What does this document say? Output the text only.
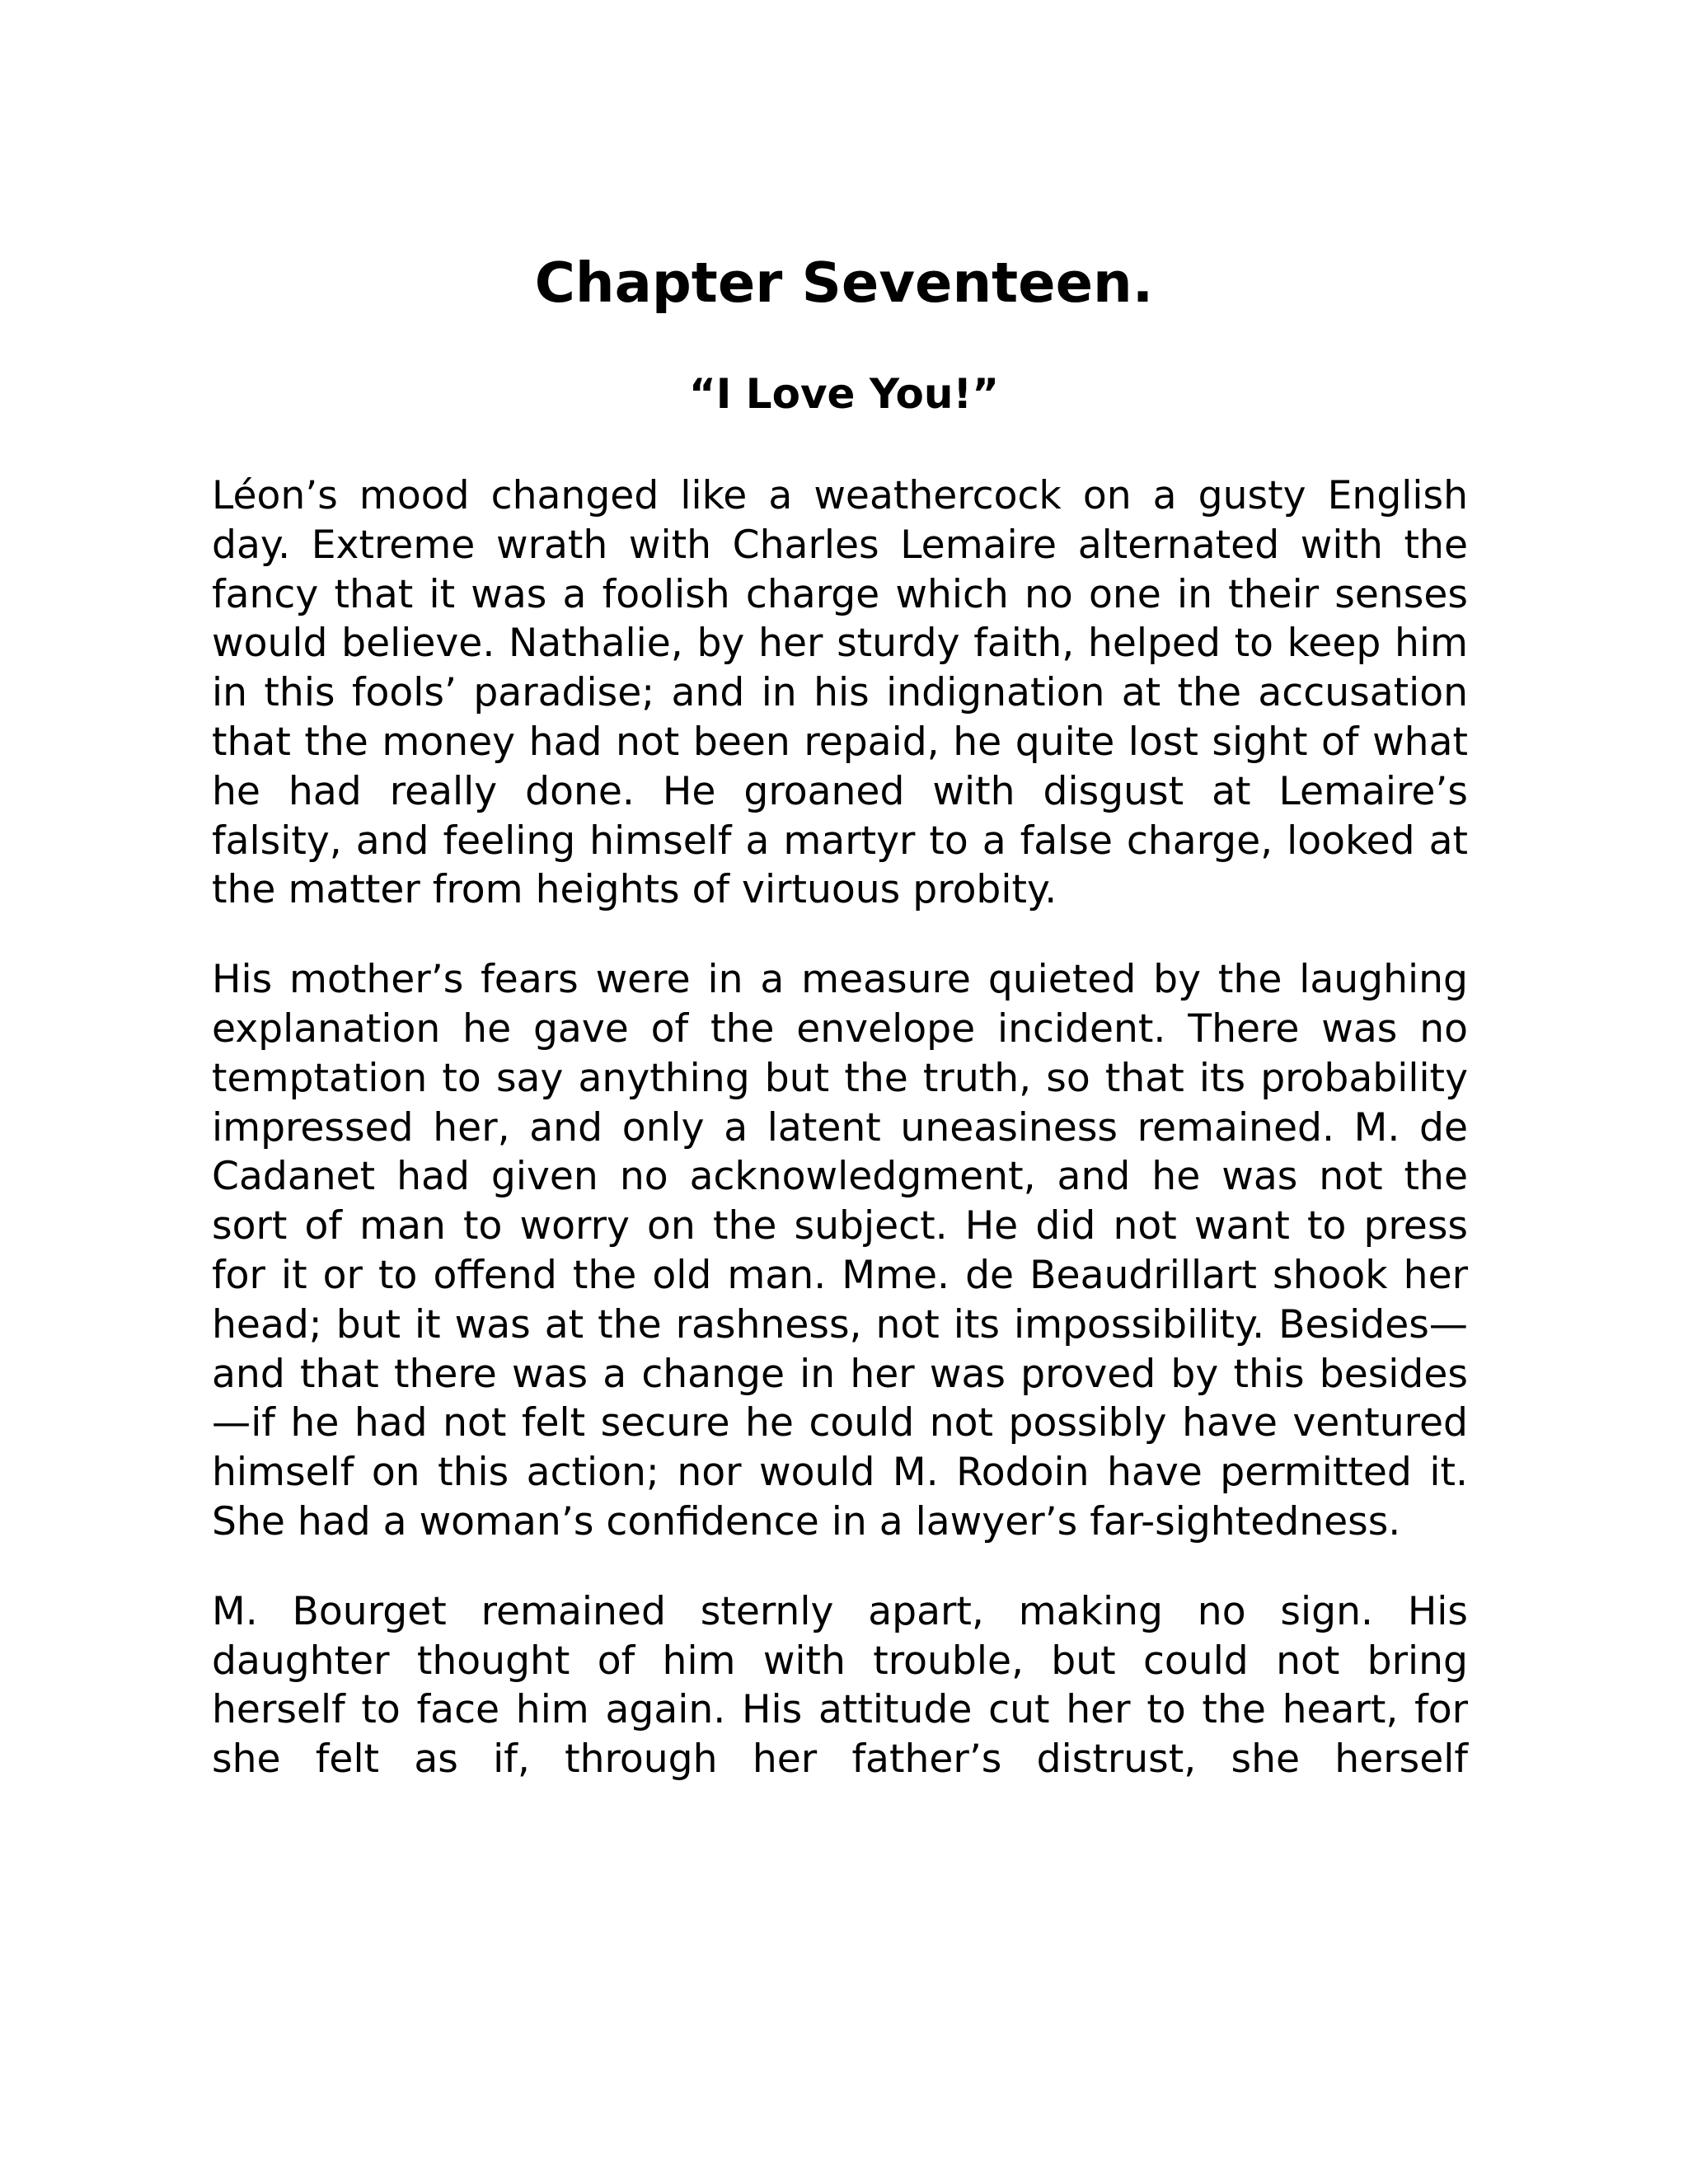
Chapter Seventeen.
“I Love You!”

Léon’s mood changed like a weathercock on a gusty English day. Extreme wrath with Charles Lemaire alternated with the fancy that it was a foolish charge which no one in their senses would believe. Nathalie, by her sturdy faith, helped to keep him in this fools’ paradise; and in his indignation at the accusation that the money had not been repaid, he quite lost sight of what he had really done. He groaned with disgust at Lemaire’s falsity, and feeling himself a martyr to a false charge, looked at the matter from heights of virtuous probity.

His mother’s fears were in a measure quieted by the laughing explanation he gave of the envelope incident. There was no temptation to say anything but the truth, so that its probability impressed her, and only a latent uneasiness remained. M. de Cadanet had given no acknowledgment, and he was not the sort of man to worry on the subject. He did not want to press for it or to offend the old man. Mme. de Beaudrillart shook her head; but it was at the rashness, not its impossibility. Besides—and that there was a change in her was proved by this besides—if he had not felt secure he could not possibly have ventured himself on this action; nor would M. Rodoin have permitted it. She had a woman’s confidence in a lawyer’s far-sightedness.

M. Bourget remained sternly apart, making no sign. His daughter thought of him with trouble, but could not bring herself to face him again. His attitude cut her to the heart, for she felt as if, through her father’s distrust, she herself
